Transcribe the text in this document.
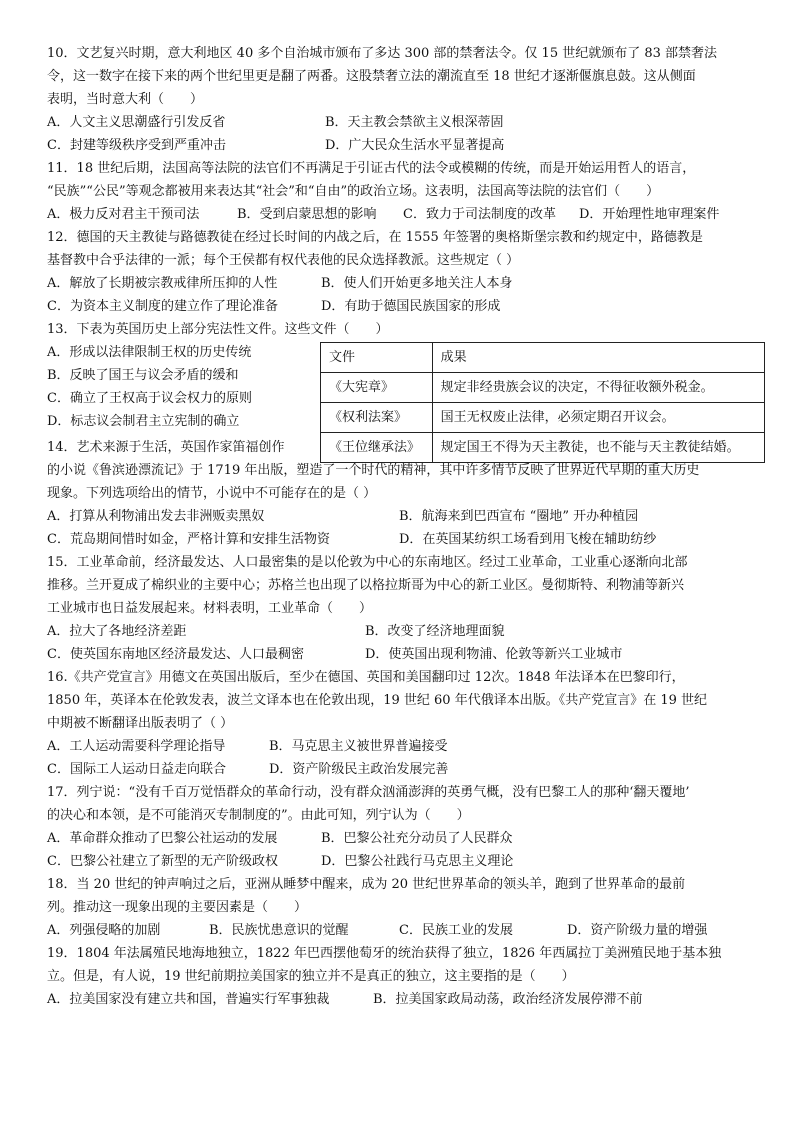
10．文艺复兴时期，意大利地区 40 多个自治城市颁布了多达 300 部的禁奢法令。仅 15 世纪就颁布了 83 部禁奢法
令，这一数字在接下来的两个世纪里更是翻了两番。这股禁奢立法的潮流直至 18 世纪才逐渐偃旗息鼓。这从侧面
表明，当时意大利（　　）
A．人文主义思潮盛行引发反省	B．天主教会禁欲主义根深蒂固
C．封建等级秩序受到严重冲击	D．广大民众生活水平显著提高
11．18 世纪后期，法国高等法院的法官们不再满足于引证古代的法令或模糊的传统，而是开始运用哲人的语言，
“民族”“公民”等观念都被用来表达其“社会”和“自由”的政治立场。这表明，法国高等法院的法官们（　　）
A．极力反对君主干预司法	B．受到启蒙思想的影响	C．致力于司法制度的改革	D．开始理性地审理案件
12．德国的天主教徒与路德教徒在经过长时间的内战之后，在 1555 年签署的奥格斯堡宗教和约规定中，路德教是
基督教中合乎法律的一派；每个王侯都有权代表他的民众选择教派。这些规定（ ）
A．解放了长期被宗教戒律所压抑的人性	B．使人们开始更多地关注人本身
C．为资本主义制度的建立作了理论准备	D．有助于德国民族国家的形成
13．下表为英国历史上部分宪法性文件。这些文件（　　）
A．形成以法律限制王权的历史传统
B．反映了国王与议会矛盾的缓和
C．确立了王权高于议会权力的原则
D．标志议会制君主立宪制的确立
文件	成果
《大宪章》	规定非经贵族会议的决定，不得征收额外税金。
《权利法案》	国王无权废止法律，必须定期召开议会。
《王位继承法》	规定国王不得为天主教徒，也不能与天主教徒结婚。
14．艺术来源于生活，英国作家笛福创作
的小说《鲁滨逊漂流记》于 1719 年出版，塑造了一个时代的精神，其中许多情节反映了世界近代早期的重大历史
现象。下列选项给出的情节，小说中不可能存在的是（ ）
A．打算从利物浦出发去非洲贩卖黑奴	B．航海来到巴西宣布 “圈地” 开办种植园
C．荒岛期间惜时如金，严格计算和安排生活物资	D．在英国某纺织工场看到用飞梭在辅助纺纱
15．工业革命前，经济最发达、人口最密集的是以伦敦为中心的东南地区。经过工业革命，工业重心逐渐向北部
推移。兰开夏成了棉织业的主要中心；苏格兰也出现了以格拉斯哥为中心的新工业区。曼彻斯特、利物浦等新兴
工业城市也日益发展起来。材料表明，工业革命（　　）
A．拉大了各地经济差距	B．改变了经济地理面貌
C．使英国东南地区经济最发达、人口最稠密	D．使英国出现利物浦、伦敦等新兴工业城市
16.《共产党宣言》用德文在英国出版后，至少在德国、英国和美国翻印过 12次。1848 年法译本在巴黎印行，
1850 年，英译本在伦敦发表，波兰文译本也在伦敦出现，19 世纪 60 年代俄译本出版。《共产党宣言》在 19 世纪
中期被不断翻译出版表明了（ ）
A．工人运动需要科学理论指导	B．马克思主义被世界普遍接受
C．国际工人运动日益走向联合	D．资产阶级民主政治发展完善
17．列宁说：“没有千百万觉悟群众的革命行动，没有群众汹涌澎湃的英勇气概，没有巴黎工人的那种‘翻天覆地’
的决心和本领，是不可能消灭专制制度的”。由此可知，列宁认为（　　）
A．革命群众推动了巴黎公社运动的发展	B．巴黎公社充分动员了人民群众
C．巴黎公社建立了新型的无产阶级政权	D．巴黎公社践行马克思主义理论
18．当 20 世纪的钟声响过之后，亚洲从睡梦中醒来，成为 20 世纪世界革命的领头羊，跑到了世界革命的最前
列。推动这一现象出现的主要因素是（　　）
A．列强侵略的加剧	B．民族忧患意识的觉醒	C．民族工业的发展	D．资产阶级力量的增强
19．1804 年法属殖民地海地独立，1822 年巴西摆他萄牙的统治获得了独立，1826 年西属拉丁美洲殖民地于基本独
立。但是，有人说，19 世纪前期拉美国家的独立并不是真正的独立，这主要指的是（　　）
A．拉美国家没有建立共和国，普遍实行军事独裁	B．拉美国家政局动荡，政治经济发展停滞不前
